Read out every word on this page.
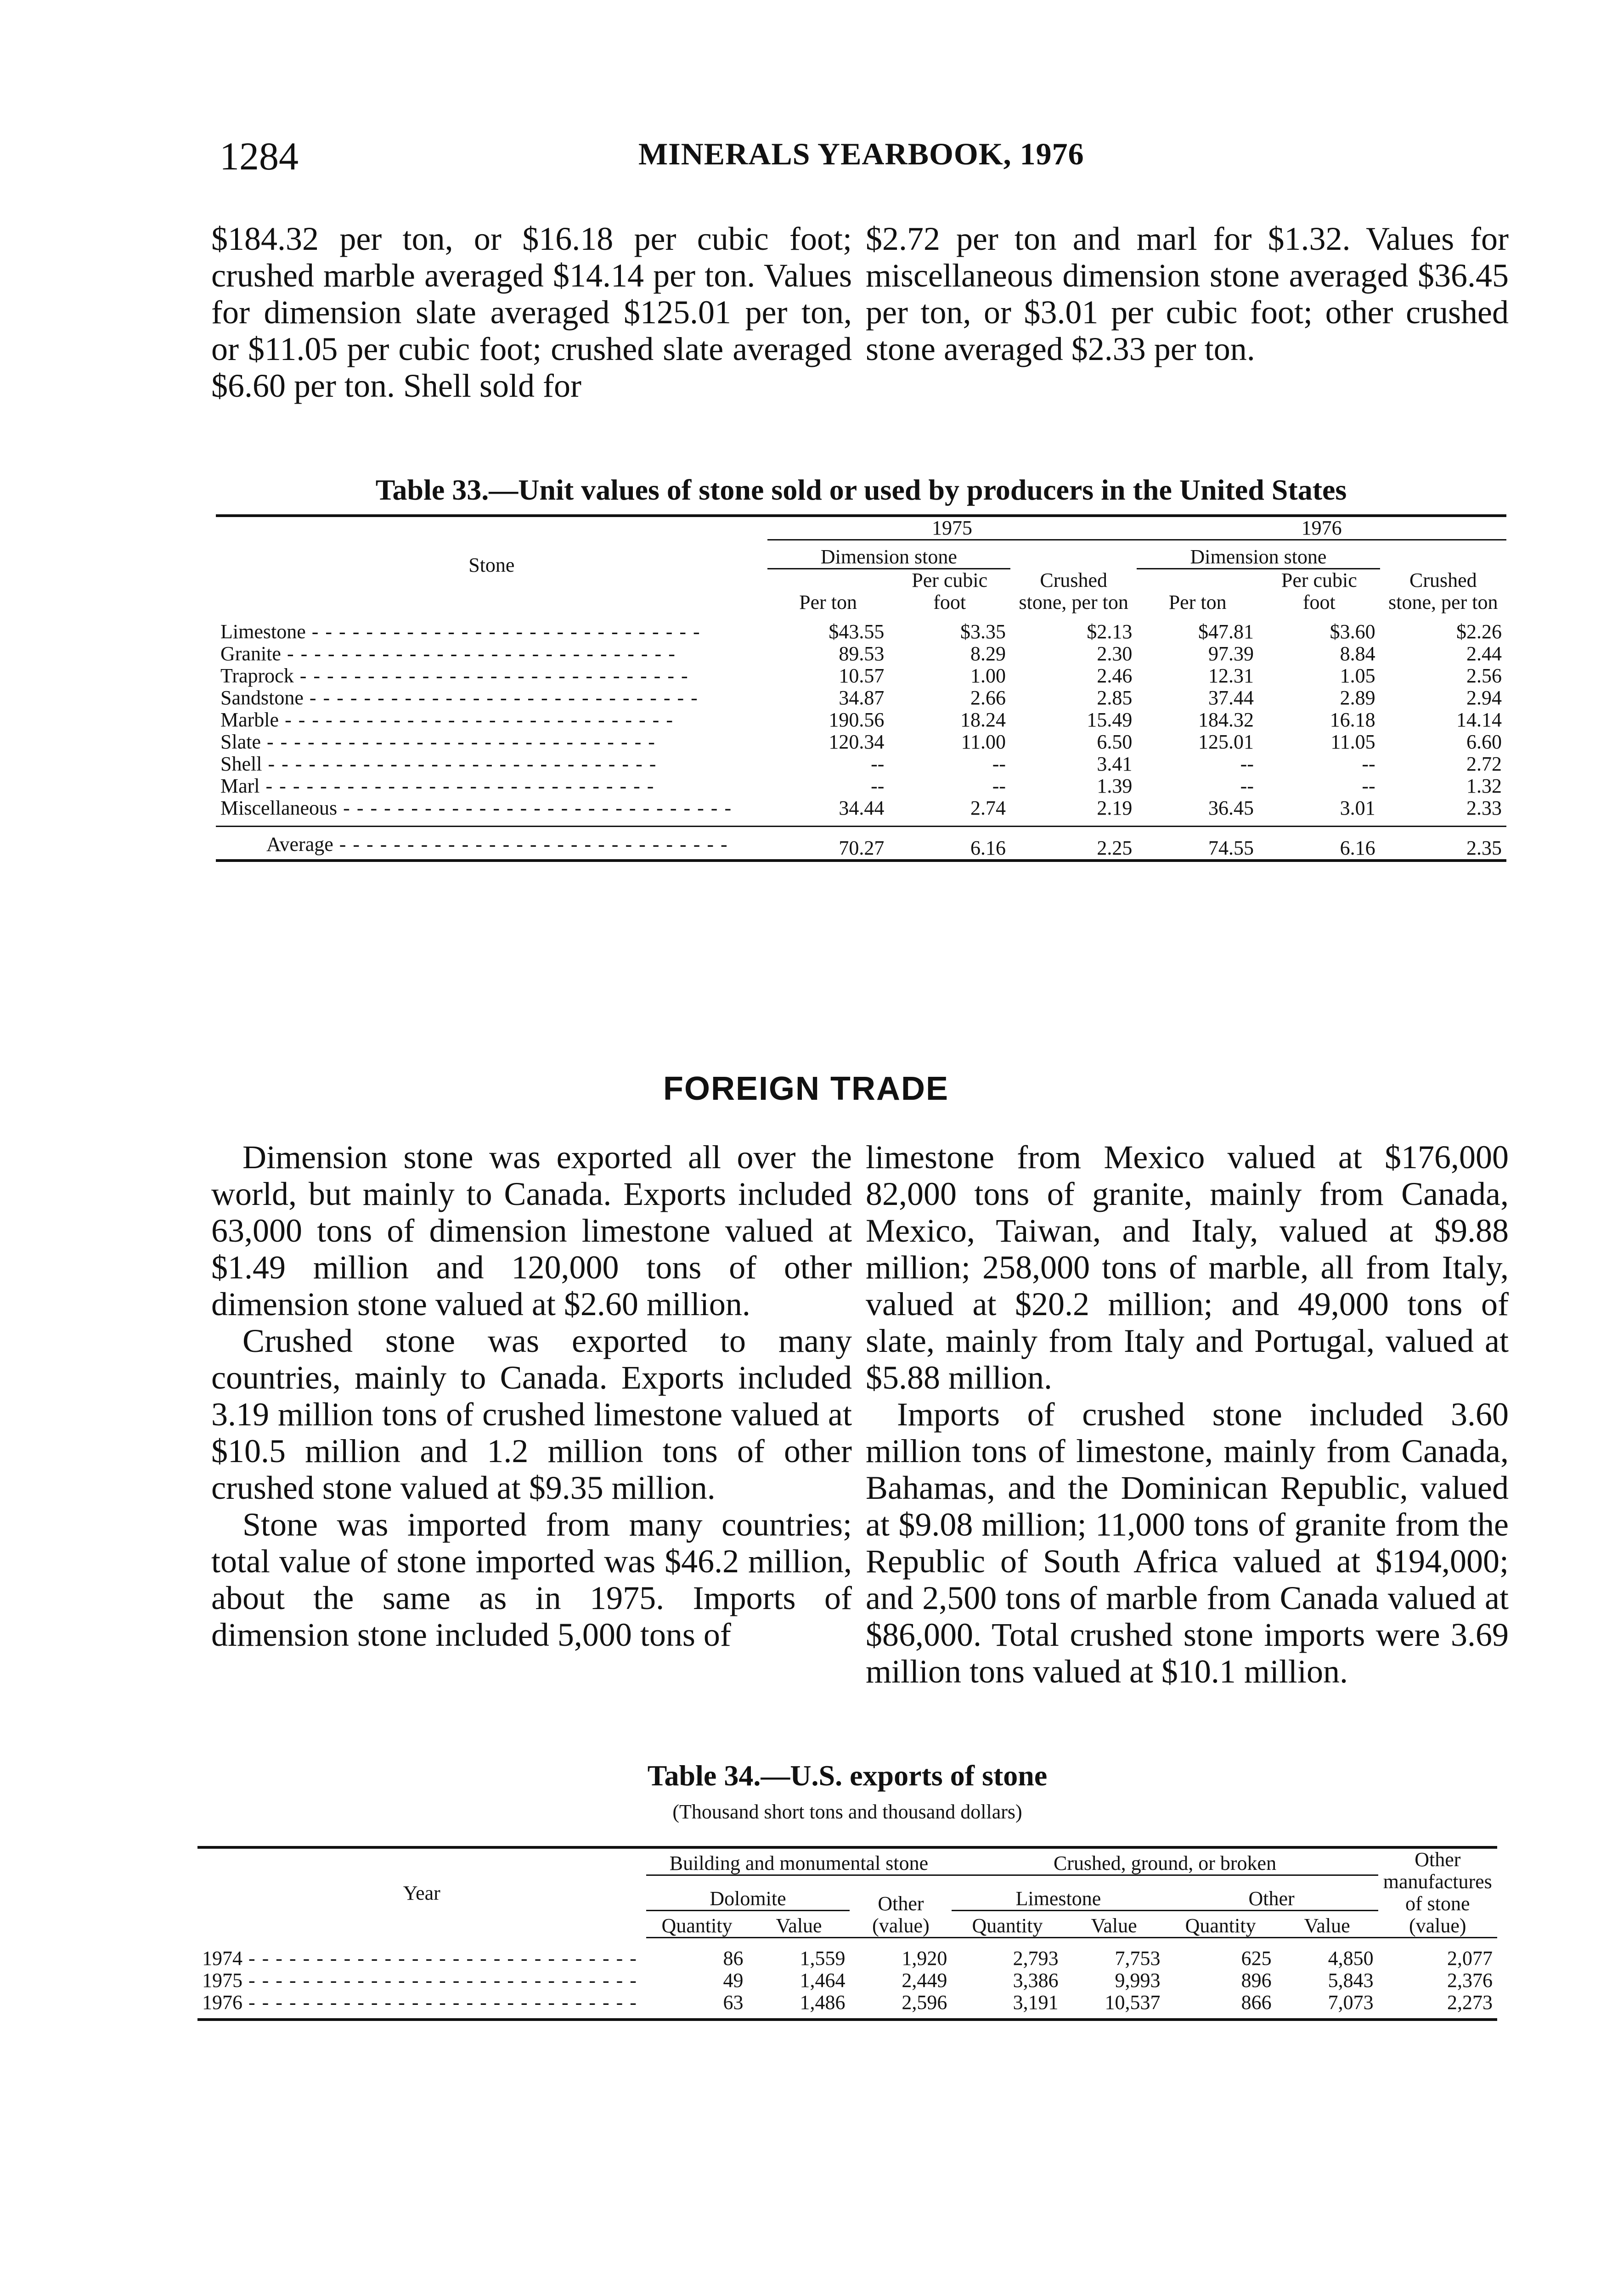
1284	MINERALS YEARBOOK, 1976

$184.32 per ton, or $16.18 per cubic foot; crushed marble averaged $14.14 per ton. Values for dimension slate averaged $125.01 per ton, or $11.05 per cubic foot; crushed slate averaged $6.60 per ton. Shell sold for

$2.72 per ton and marl for $1.32. Values for miscellaneous dimension stone averaged $36.45 per ton, or $3.01 per cubic foot; other crushed stone averaged $2.33 per ton.

Table 33.—Unit values of stone sold or used by producers in the United States
Stone	1975			1976		
	Dimension stone		Crushed stone, per ton	Dimension stone		Crushed stone, per ton
	Per ton	Per cubic foot		Per ton	Per cubic foot	
Limestone - - -	$43.55	$3.35	$2.13	$47.81	$3.60	$2.26
Granite - - -	89.53	8.29	2.30	97.39	8.84	2.44
Traprock - - -	10.57	1.00	2.46	12.31	1.05	2.56
Sandstone - - -	34.87	2.66	2.85	37.44	2.89	2.94
Marble - - -	190.56	18.24	15.49	184.32	16.18	14.14
Slate - - -	120.34	11.00	6.50	125.01	11.05	6.60
Shell - - -	--	--	3.41	--	--	2.72
Marl - - -	--	--	1.39	--	--	1.32
Miscellaneous - - -	34.44	2.74	2.19	36.45	3.01	2.33
Average - - -	70.27	6.16	2.25	74.55	6.16	2.35
FOREIGN TRADE

Dimension stone was exported all over the world, but mainly to Canada. Exports included 63,000 tons of dimension limestone valued at $1.49 million and 120,000 tons of other dimension stone valued at $2.60 million.

Crushed stone was exported to many countries, mainly to Canada. Exports included 3.19 million tons of crushed limestone valued at $10.5 million and 1.2 million tons of other crushed stone valued at $9.35 million.

Stone was imported from many countries; total value of stone imported was $46.2 million, about the same as in 1975. Imports of dimension stone included 5,000 tons of

limestone from Mexico valued at $176,000 82,000 tons of granite, mainly from Canada, Mexico, Taiwan, and Italy, valued at $9.88 million; 258,000 tons of marble, all from Italy, valued at $20.2 million; and 49,000 tons of slate, mainly from Italy and Portugal, valued at $5.88 million.

Imports of crushed stone included 3.60 million tons of limestone, mainly from Canada, Bahamas, and the Dominican Republic, valued at $9.08 million; 11,000 tons of granite from the Republic of South Africa valued at $194,000; and 2,500 tons of marble from Canada valued at $86,000. Total crushed stone imports were 3.69 million tons valued at $10.1 million.

Table 34.—U.S. exports of stone
(Thousand short tons and thousand dollars)
Year	Building and monumental stone			Crushed, ground, or broken				Other manufactures of stone (value)
	Dolomite		Other (value)	Limestone		Other		
	Quantity	Value		Quantity	Value	Quantity	Value	
1974 - - -	86	1,559	1,920	2,793	7,753	625	4,850	2,077
1975 - - -	49	1,464	2,449	3,386	9,993	896	5,843	2,376
1976 - - -	63	1,486	2,596	3,191	10,537	866	7,073	2,273
